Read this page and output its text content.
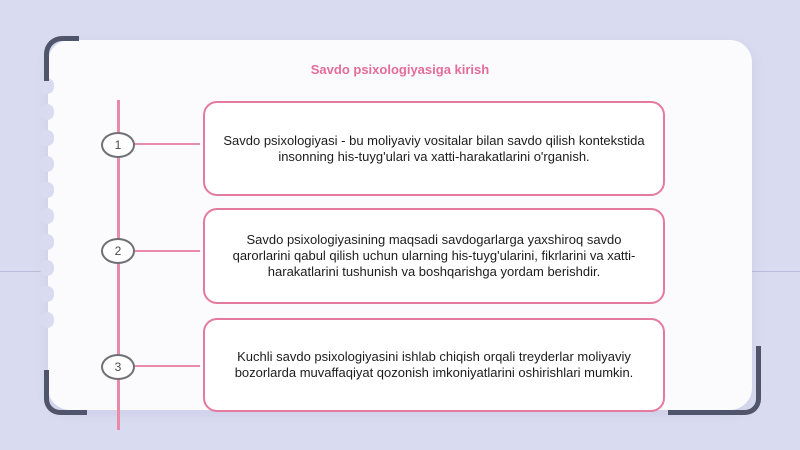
Savdo psixologiyasiga kirish
1	Savdo psixologiyasi - bu moliyaviy vositalar bilan savdo qilish kontekstida insonning his-tuyg'ulari va xatti-harakatlarini o'rganish.
2
Savdo psixologiyasining maqsadi savdogarlarga yaxshiroq savdo qarorlarini qabul qilish uchun ularning his-tuyg'ularini, fikrlarini va xatti-harakatlarini tushunish va boshqarishga yordam berishdir.
3
Kuchli savdo psixologiyasini ishlab chiqish orqali treyderlar moliyaviy bozorlarda muvaffaqiyat qozonish imkoniyatlarini oshirishlari mumkin.
